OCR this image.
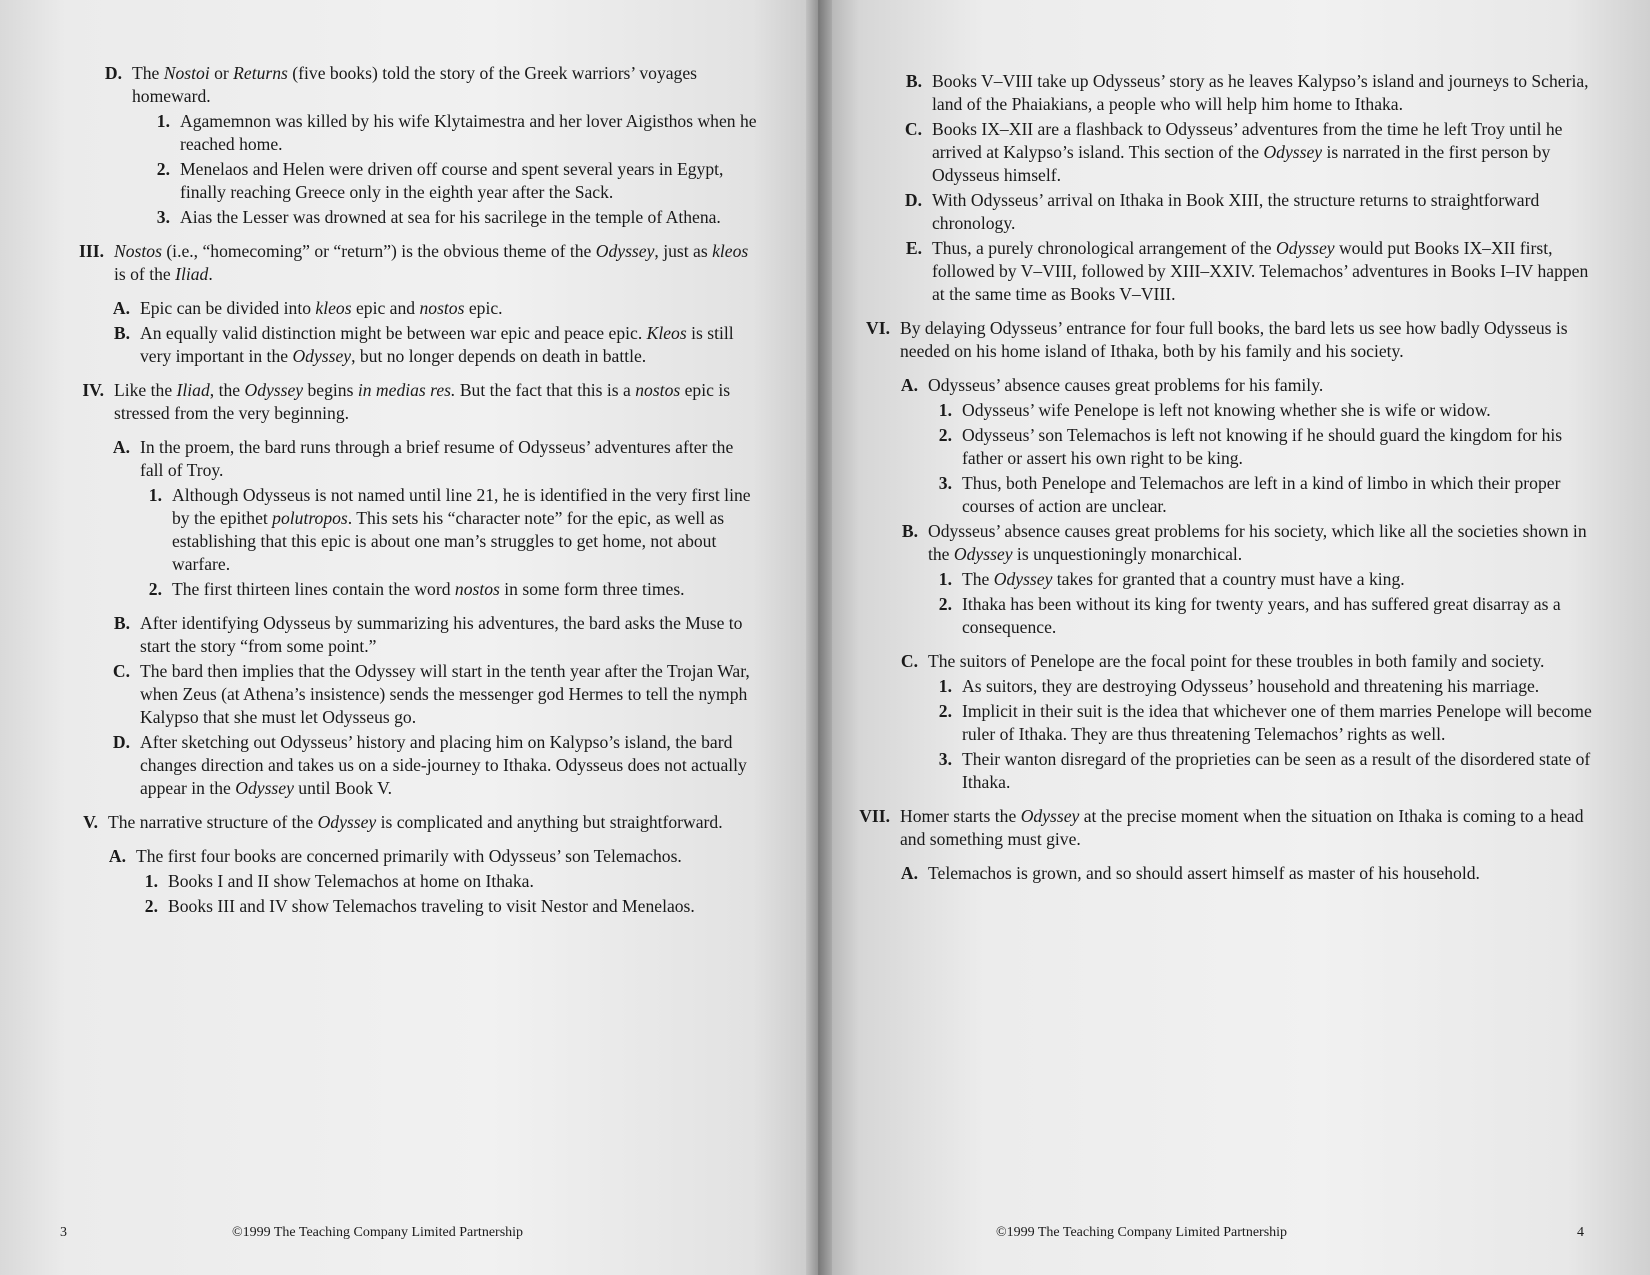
D. The Nostoi or Returns (five books) told the story of the Greek warriors’ voyages homeward.
1. Agamemnon was killed by his wife Klytaimestra and her lover Aigisthos when he reached home.
2. Menelaos and Helen were driven off course and spent several years in Egypt, finally reaching Greece only in the eighth year after the Sack.
3. Aias the Lesser was drowned at sea for his sacrilege in the temple of Athena.
III. Nostos (i.e., “homecoming” or “return”) is the obvious theme of the Odyssey, just as kleos is of the Iliad.
A. Epic can be divided into kleos epic and nostos epic.
B. An equally valid distinction might be between war epic and peace epic. Kleos is still very important in the Odyssey, but no longer depends on death in battle.
IV. Like the Iliad, the Odyssey begins in medias res. But the fact that this is a nostos epic is stressed from the very beginning.
A. In the proem, the bard runs through a brief resume of Odysseus’ adventures after the fall of Troy.
1. Although Odysseus is not named until line 21, he is identified in the very first line by the epithet polutropos. This sets his “character note” for the epic, as well as establishing that this epic is about one man’s struggles to get home, not about warfare.
2. The first thirteen lines contain the word nostos in some form three times.
B. After identifying Odysseus by summarizing his adventures, the bard asks the Muse to start the story “from some point.”
C. The bard then implies that the Odyssey will start in the tenth year after the Trojan War, when Zeus (at Athena’s insistence) sends the messenger god Hermes to tell the nymph Kalypso that she must let Odysseus go.
D. After sketching out Odysseus’ history and placing him on Kalypso’s island, the bard changes direction and takes us on a side-journey to Ithaka. Odysseus does not actually appear in the Odyssey until Book V.
V. The narrative structure of the Odyssey is complicated and anything but straightforward.
A. The first four books are concerned primarily with Odysseus’ son Telemachos.
1. Books I and II show Telemachos at home on Ithaka.
2. Books III and IV show Telemachos traveling to visit Nestor and Menelaos.
3	©1999 The Teaching Company Limited Partnership
B. Books V–VIII take up Odysseus’ story as he leaves Kalypso’s island and journeys to Scheria, land of the Phaiakians, a people who will help him home to Ithaka.
C. Books IX–XII are a flashback to Odysseus’ adventures from the time he left Troy until he arrived at Kalypso’s island. This section of the Odyssey is narrated in the first person by Odysseus himself.
D. With Odysseus’ arrival on Ithaka in Book XIII, the structure returns to straightforward chronology.
E. Thus, a purely chronological arrangement of the Odyssey would put Books IX–XII first, followed by V–VIII, followed by XIII–XXIV. Telemachos’ adventures in Books I–IV happen at the same time as Books V–VIII.
VI. By delaying Odysseus’ entrance for four full books, the bard lets us see how badly Odysseus is needed on his home island of Ithaka, both by his family and his society.
A. Odysseus’ absence causes great problems for his family.
1. Odysseus’ wife Penelope is left not knowing whether she is wife or widow.
2. Odysseus’ son Telemachos is left not knowing if he should guard the kingdom for his father or assert his own right to be king.
3. Thus, both Penelope and Telemachos are left in a kind of limbo in which their proper courses of action are unclear.
B. Odysseus’ absence causes great problems for his society, which like all the societies shown in the Odyssey is unquestioningly monarchical.
1. The Odyssey takes for granted that a country must have a king.
2. Ithaka has been without its king for twenty years, and has suffered great disarray as a consequence.
C. The suitors of Penelope are the focal point for these troubles in both family and society.
1. As suitors, they are destroying Odysseus’ household and threatening his marriage.
2. Implicit in their suit is the idea that whichever one of them marries Penelope will become ruler of Ithaka. They are thus threatening Telemachos’ rights as well.
3. Their wanton disregard of the proprieties can be seen as a result of the disordered state of Ithaka.
VII. Homer starts the Odyssey at the precise moment when the situation on Ithaka is coming to a head and something must give.
A. Telemachos is grown, and so should assert himself as master of his household.
©1999 The Teaching Company Limited Partnership	4
